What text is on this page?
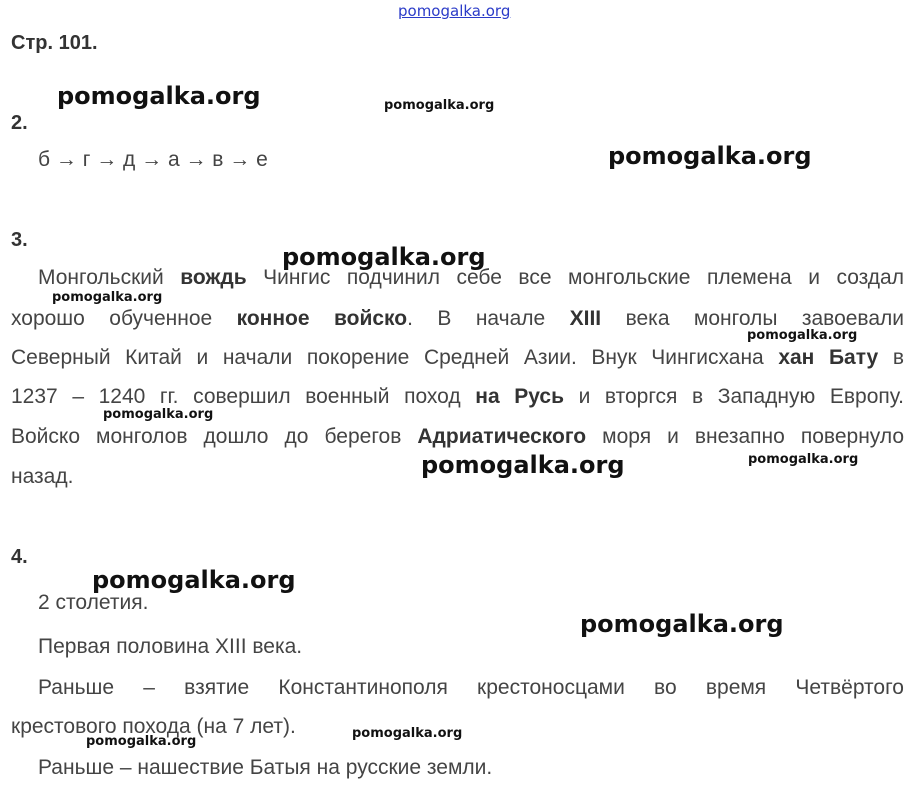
pomogalka.org
pomogalka.org	pomogalka.org
pomogalka.org
pomogalka.org
pomogalka.org
pomogalka.org
pomogalka.org
pomogalka.org	pomogalka.org
pomogalka.org
pomogalka.org
pomogalka.org
pomogalka.org
Стр. 101.
2.
б → г → д → а → в → е
3.
Монгольский вождь Чингис подчинил себе все монгольские племена и создал
хорошо обученное конное войско. В начале XIII века монголы завоевали
Северный Китай и начали покорение Средней Азии. Внук Чингисхана хан Бату в
1237 – 1240 гг. совершил военный поход на Русь и вторгся в Западную Европу.
Войско монголов дошло до берегов Адриатического моря и внезапно повернуло
назад.
4.
2 столетия.
Первая половина XIII века.
Раньше – взятие Константинополя крестоносцами во время Четвёртого
крестового похода (на 7 лет).
Раньше – нашествие Батыя на русские земли.
